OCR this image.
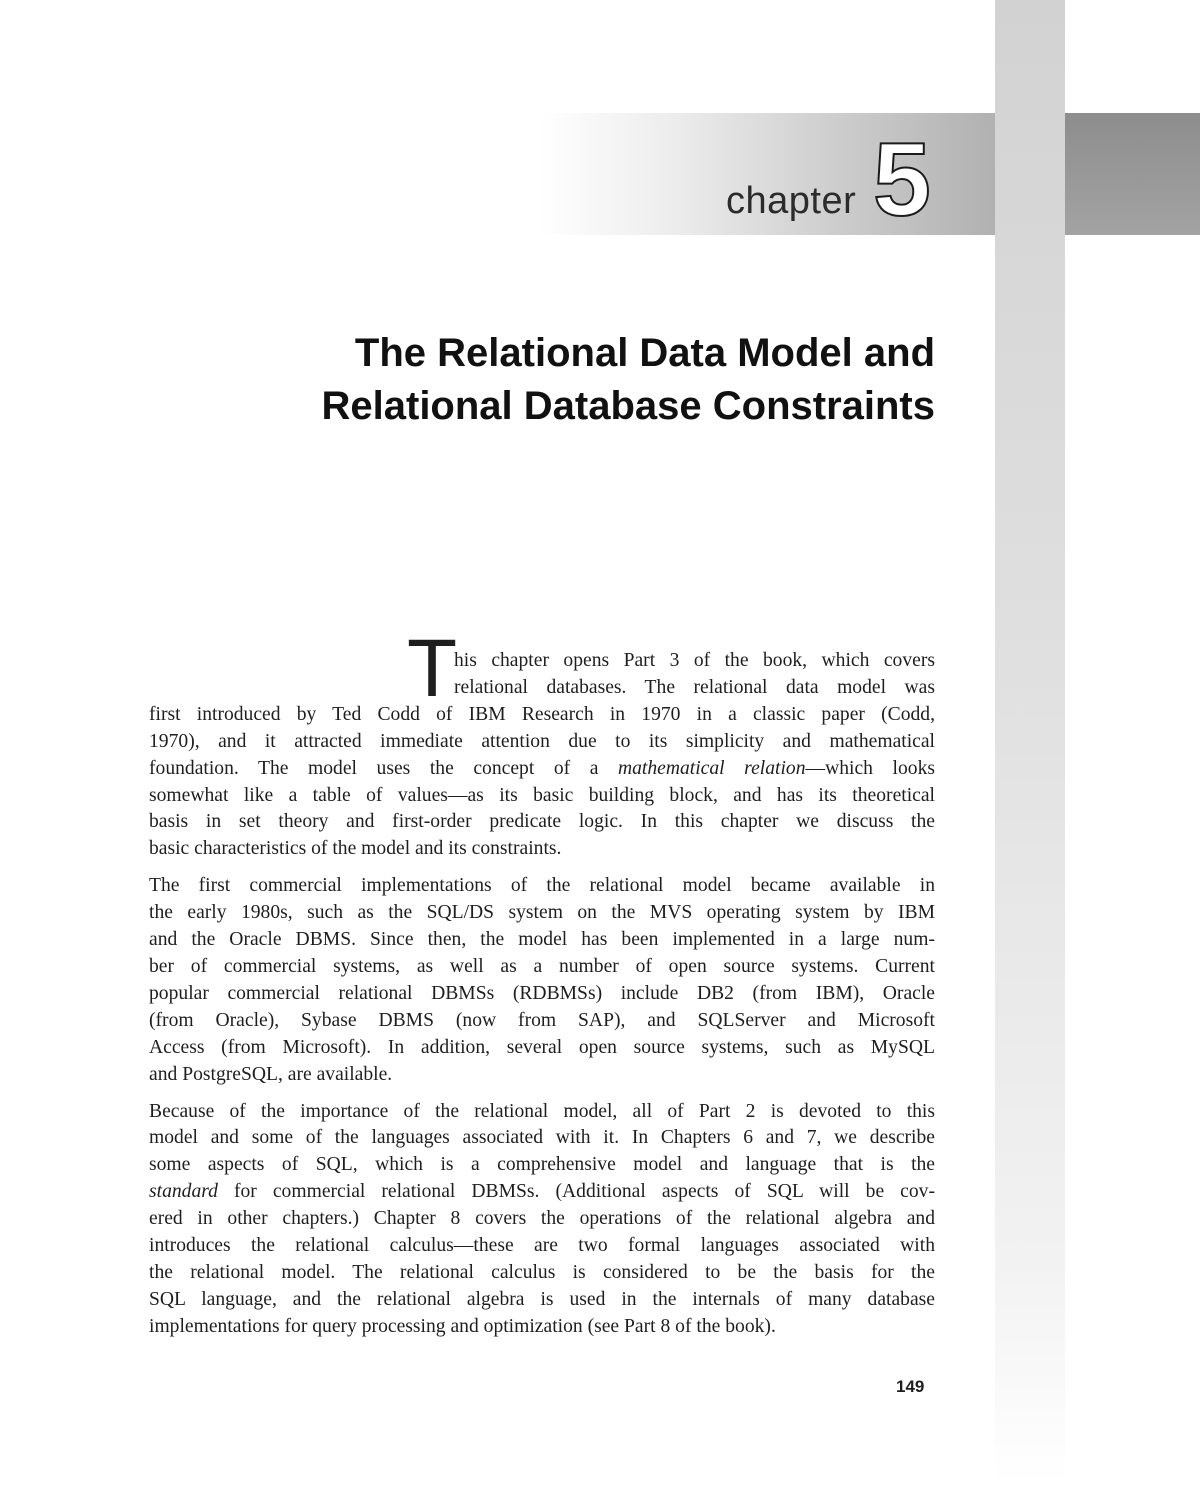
chapter 5
The Relational Data Model and
Relational Database Constraints
T

his chapter opens Part 3 of the book, which covers
relational databases. The relational data model was
first introduced by Ted Codd of IBM Research in 1970 in a classic paper (Codd,
1970), and it attracted immediate attention due to its simplicity and mathematical
foundation. The model uses the concept of a mathematical relation—which looks
somewhat like a table of values—as its basic building block, and has its theoretical
basis in set theory and first-order predicate logic. In this chapter we discuss the
basic characteristics of the model and its constraints.

The first commercial implementations of the relational model became available in
the early 1980s, such as the SQL/DS system on the MVS operating system by IBM
and the Oracle DBMS. Since then, the model has been implemented in a large num-
ber of commercial systems, as well as a number of open source systems. Current
popular commercial relational DBMSs (RDBMSs) include DB2 (from IBM), Oracle
(from Oracle), Sybase DBMS (now from SAP), and SQLServer and Microsoft
Access (from Microsoft). In addition, several open source systems, such as MySQL
and PostgreSQL, are available.

Because of the importance of the relational model, all of Part 2 is devoted to this
model and some of the languages associated with it. In Chapters 6 and 7, we describe
some aspects of SQL, which is a comprehensive model and language that is the
standard for commercial relational DBMSs. (Additional aspects of SQL will be cov-
ered in other chapters.) Chapter 8 covers the operations of the relational algebra and
introduces the relational calculus—these are two formal languages associated with
the relational model. The relational calculus is considered to be the basis for the
SQL language, and the relational algebra is used in the internals of many database
implementations for query processing and optimization (see Part 8 of the book).

149
